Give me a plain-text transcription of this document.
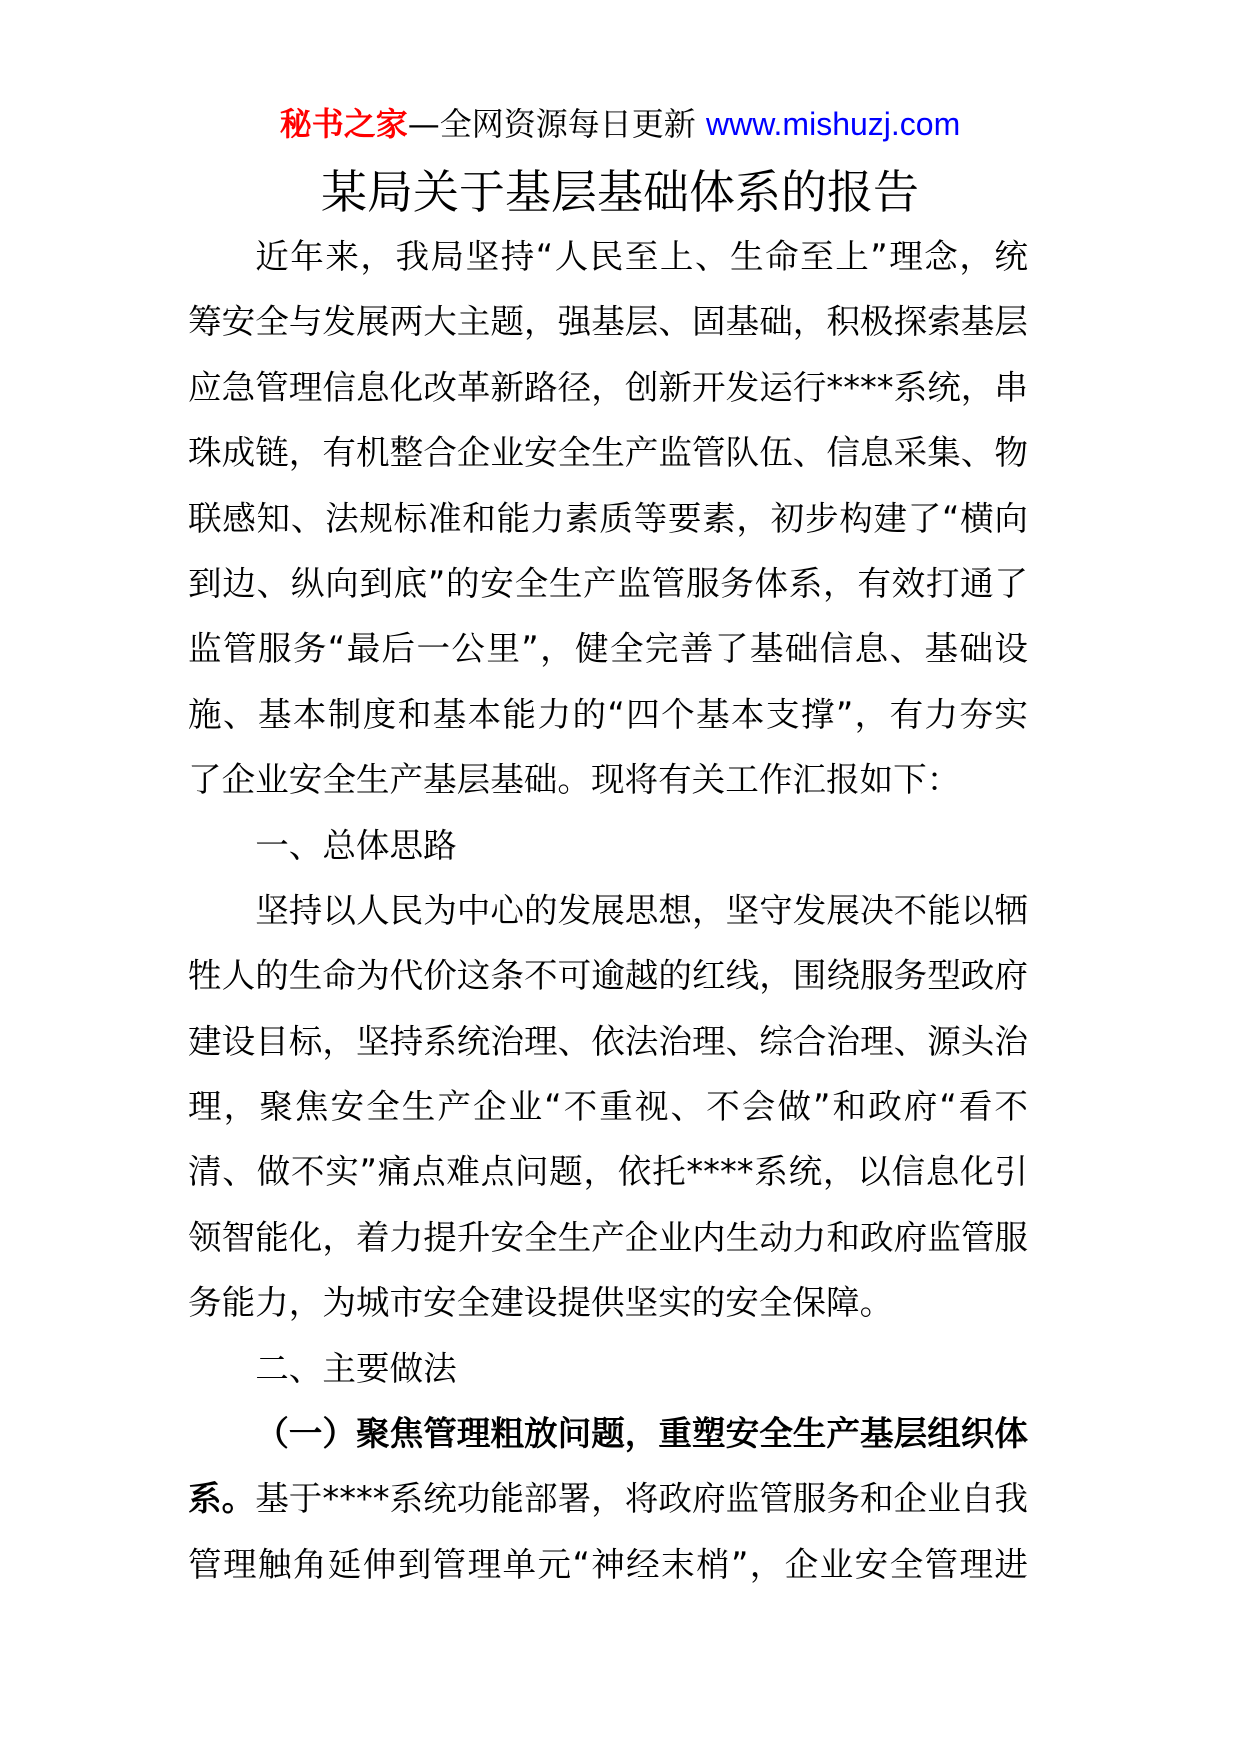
秘书之家—全网资源每日更新 www.mishuzj.com
某局关于基层基础体系的报告
近年来，我局坚持“人民至上、生命至上”理念，统
筹安全与发展两大主题，强基层、固基础，积极探索基层
应急管理信息化改革新路径，创新开发运行****系统，串
珠成链，有机整合企业安全生产监管队伍、信息采集、物
联感知、法规标准和能力素质等要素，初步构建了“横向
到边、纵向到底”的安全生产监管服务体系，有效打通了
监管服务“最后一公里”，健全完善了基础信息、基础设
施、基本制度和基本能力的“四个基本支撑”，有力夯实
了企业安全生产基层基础。现将有关工作汇报如下：
一、总体思路
坚持以人民为中心的发展思想，坚守发展决不能以牺
牲人的生命为代价这条不可逾越的红线，围绕服务型政府
建设目标，坚持系统治理、依法治理、综合治理、源头治
理，聚焦安全生产企业“不重视、不会做”和政府“看不
清、做不实”痛点难点问题，依托****系统，以信息化引
领智能化，着力提升安全生产企业内生动力和政府监管服
务能力，为城市安全建设提供坚实的安全保障。
二、主要做法
（一）聚焦管理粗放问题，重塑安全生产基层组织体
系。基于****系统功能部署，将政府监管服务和企业自我
管理触角延伸到管理单元“神经末梢”，企业安全管理进
